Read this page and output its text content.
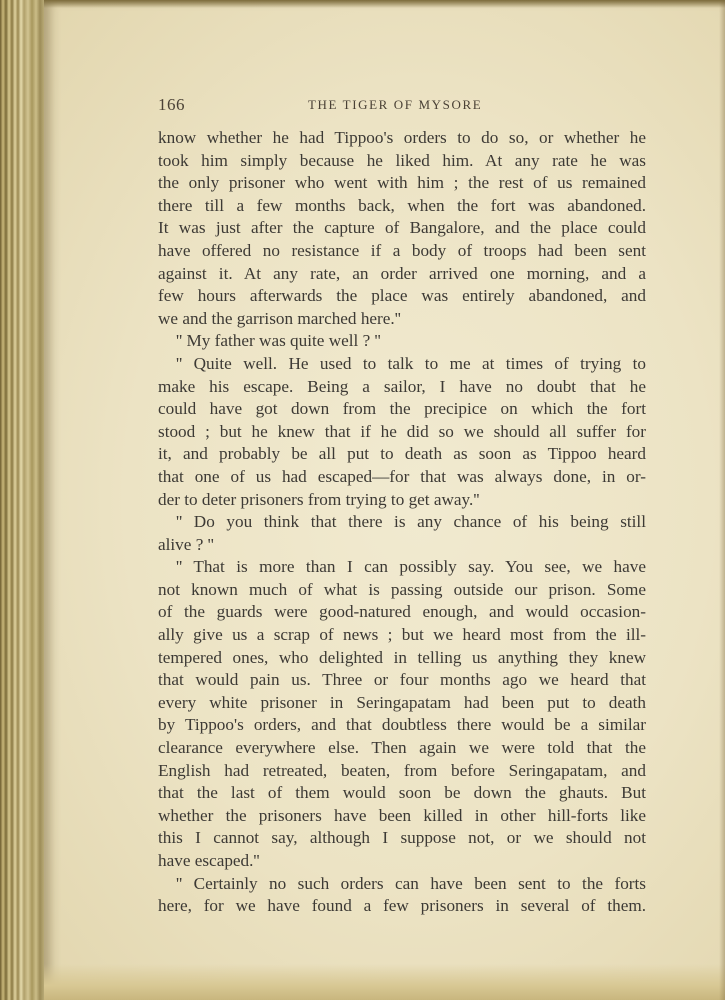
166	THE TIGER OF MYSORE
know whether he had Tippoo's orders to do so, or whether he
took him simply because he liked him. At any rate he was
the only prisoner who went with him ; the rest of us remained
there till a few months back, when the fort was abandoned.
It was just after the capture of Bangalore, and the place could
have offered no resistance if a body of troops had been sent
against it. At any rate, an order arrived one morning, and a
few hours afterwards the place was entirely abandoned, and
we and the garrison marched here.''
'' My father was quite well ? ''
'' Quite well. He used to talk to me at times of trying to
make his escape. Being a sailor, I have no doubt that he
could have got down from the precipice on which the fort
stood ; but he knew that if he did so we should all suffer for
it, and probably be all put to death as soon as Tippoo heard
that one of us had escaped—for that was always done, in or-
der to deter prisoners from trying to get away.''
'' Do you think that there is any chance of his being still
alive ? ''
'' That is more than I can possibly say. You see, we have
not known much of what is passing outside our prison. Some
of the guards were good-natured enough, and would occasion-
ally give us a scrap of news ; but we heard most from the ill-
tempered ones, who delighted in telling us anything they knew
that would pain us. Three or four months ago we heard that
every white prisoner in Seringapatam had been put to death
by Tippoo's orders, and that doubtless there would be a similar
clearance everywhere else. Then again we were told that the
English had retreated, beaten, from before Seringapatam, and
that the last of them would soon be down the ghauts. But
whether the prisoners have been killed in other hill-forts like
this I cannot say, although I suppose not, or we should not
have escaped.''
'' Certainly no such orders can have been sent to the forts
here, for we have found a few prisoners in several of them.
